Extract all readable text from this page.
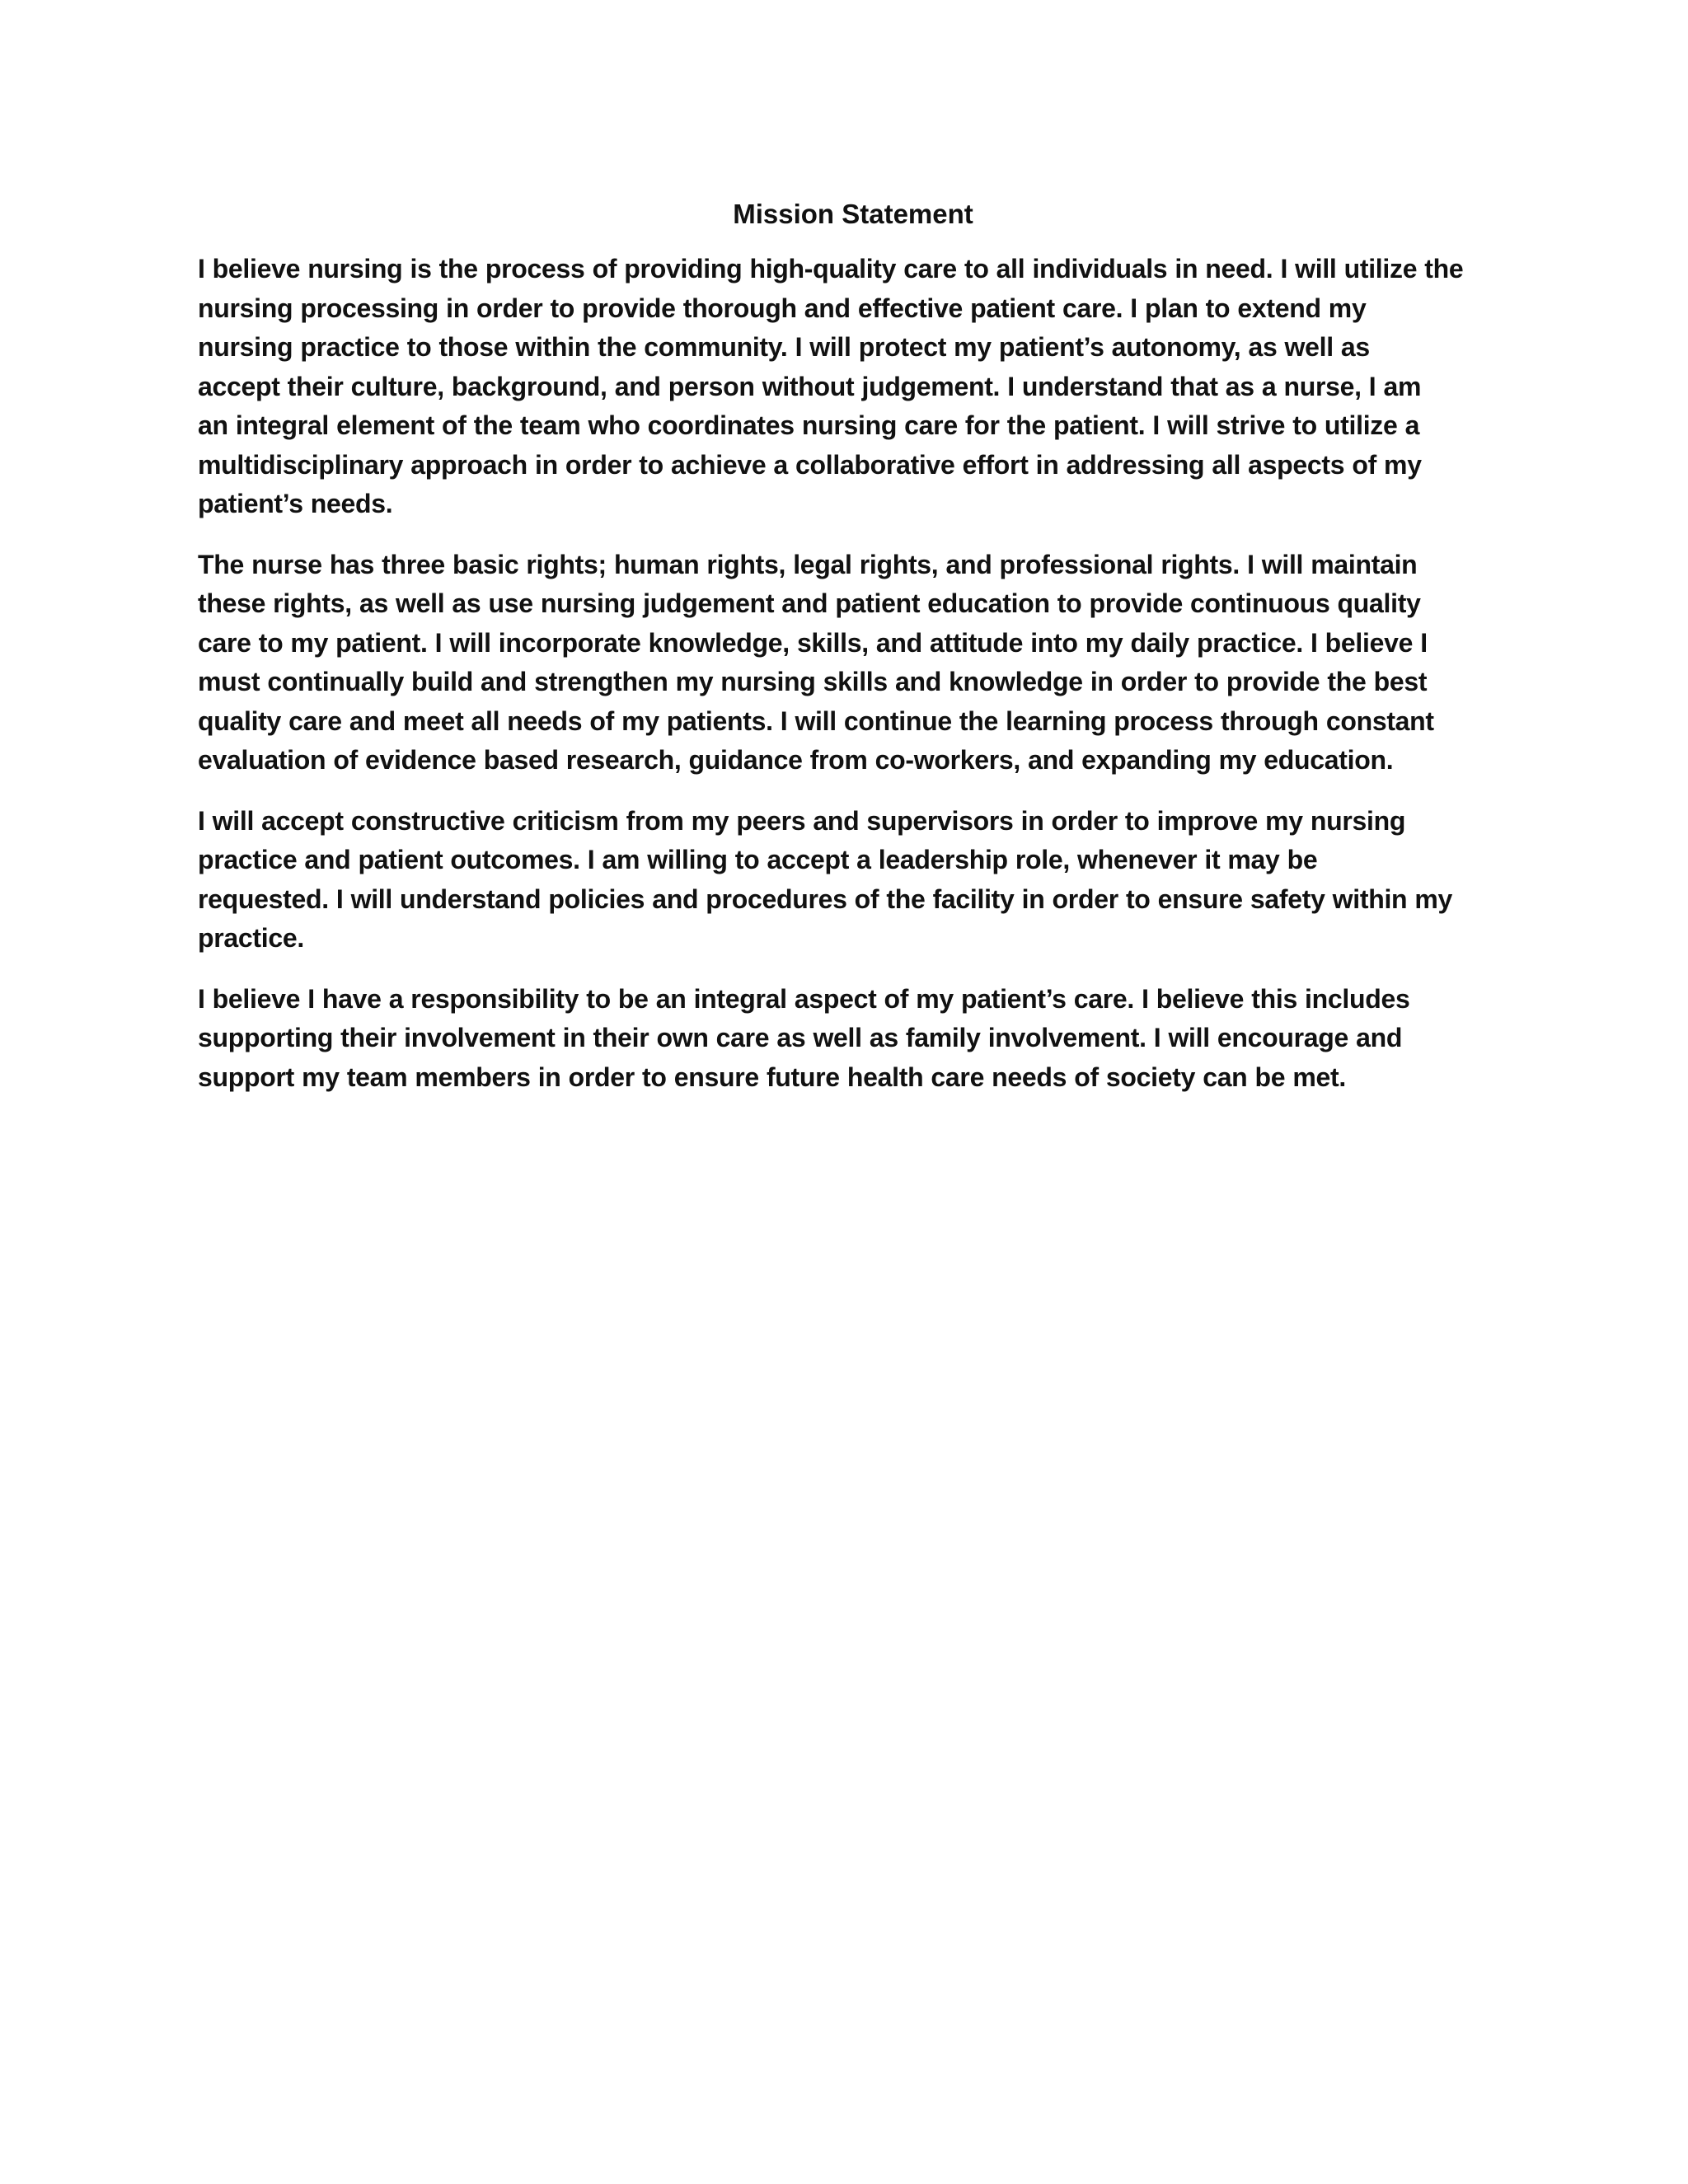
Mission Statement

I believe nursing is the process of providing high-quality care to all individuals in need. I will utilize the
nursing processing in order to provide thorough and effective patient care. I plan to extend my
nursing practice to those within the community. I will protect my patient’s autonomy, as well as
accept their culture, background, and person without judgement. I understand that as a nurse, I am
an integral element of the team who coordinates nursing care for the patient. I will strive to utilize a
multidisciplinary approach in order to achieve a collaborative effort in addressing all aspects of my
patient’s needs.

The nurse has three basic rights; human rights, legal rights, and professional rights. I will maintain
these rights, as well as use nursing judgement and patient education to provide continuous quality
care to my patient. I will incorporate knowledge, skills, and attitude into my daily practice. I believe I
must continually build and strengthen my nursing skills and knowledge in order to provide the best
quality care and meet all needs of my patients. I will continue the learning process through constant
evaluation of evidence based research, guidance from co-workers, and expanding my education.

I will accept constructive criticism from my peers and supervisors in order to improve my nursing
practice and patient outcomes. I am willing to accept a leadership role, whenever it may be
requested. I will understand policies and procedures of the facility in order to ensure safety within my
practice.

I believe I have a responsibility to be an integral aspect of my patient’s care. I believe this includes
supporting their involvement in their own care as well as family involvement. I will encourage and
support my team members in order to ensure future health care needs of society can be met.
